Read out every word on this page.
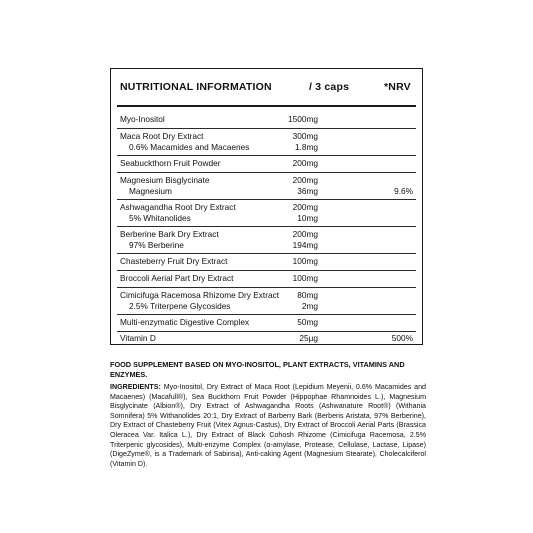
NUTRITIONAL INFORMATION	/ 3 caps	*NRV
Myo-Inositol	1500mg
Maca Root Dry Extract	300mg
0.6% Macamides and Macaenes	1.8mg
Seabuckthorn Fruit Powder	200mg
Magnesium Bisglycinate	200mg
Magnesium	36mg	9.6%
Ashwagandha Root Dry Extract	200mg
5% Whitanolides	10mg
Berberine Bark Dry Extract	200mg
97% Berberine	194mg
Chasteberry Fruit Dry Extract	100mg
Broccoli Aerial Part Dry Extract	100mg
Cimicifuga Racemosa Rhizome Dry Extract 80mg
2.5% Triterpene Glycosides	2mg
Multi-enzymatic Digestive Complex	50mg
Vitamin D	25µg	500%

FOOD SUPPLEMENT BASED ON MYO-INOSITOL, PLANT EXTRACTS, VITAMINS AND ENZYMES.

INGREDIENTS: Myo-Inositol, Dry Extract of Maca Root (Lepidium Meyenii, 0.6% Macamides and Macaenes) (Macafull®), Sea Buckthorn Fruit Powder (Hippophae Rhamnoides L.), Magnesium Bisglycinate (Albion®), Dry Extract of Ashwagandha Roots (Ashwanature Root®) (Withania Somnifera) 5% Withanolides 20:1, Dry Extract of Barberry Bark (Berberis Aristata, 97% Berberine), Dry Extract of Chasteberry Fruit (Vitex Agnus-Castus), Dry Extract of Broccoli Aerial Parts (Brassica Oleracea Var. Italica L.), Dry Extract of Black Cohosh Rhizome (Cimicifuga Racemosa, 2.5% Triterpenic glycosides), Multi-enzyme Complex (α-amylase, Protease, Cellulase, Lactase, Lipase) (DigeZyme®, is a Trademark of Sabinsa), Anti-caking Agent (Magnesium Stearate), Cholecalciferol (Vitamin D).
